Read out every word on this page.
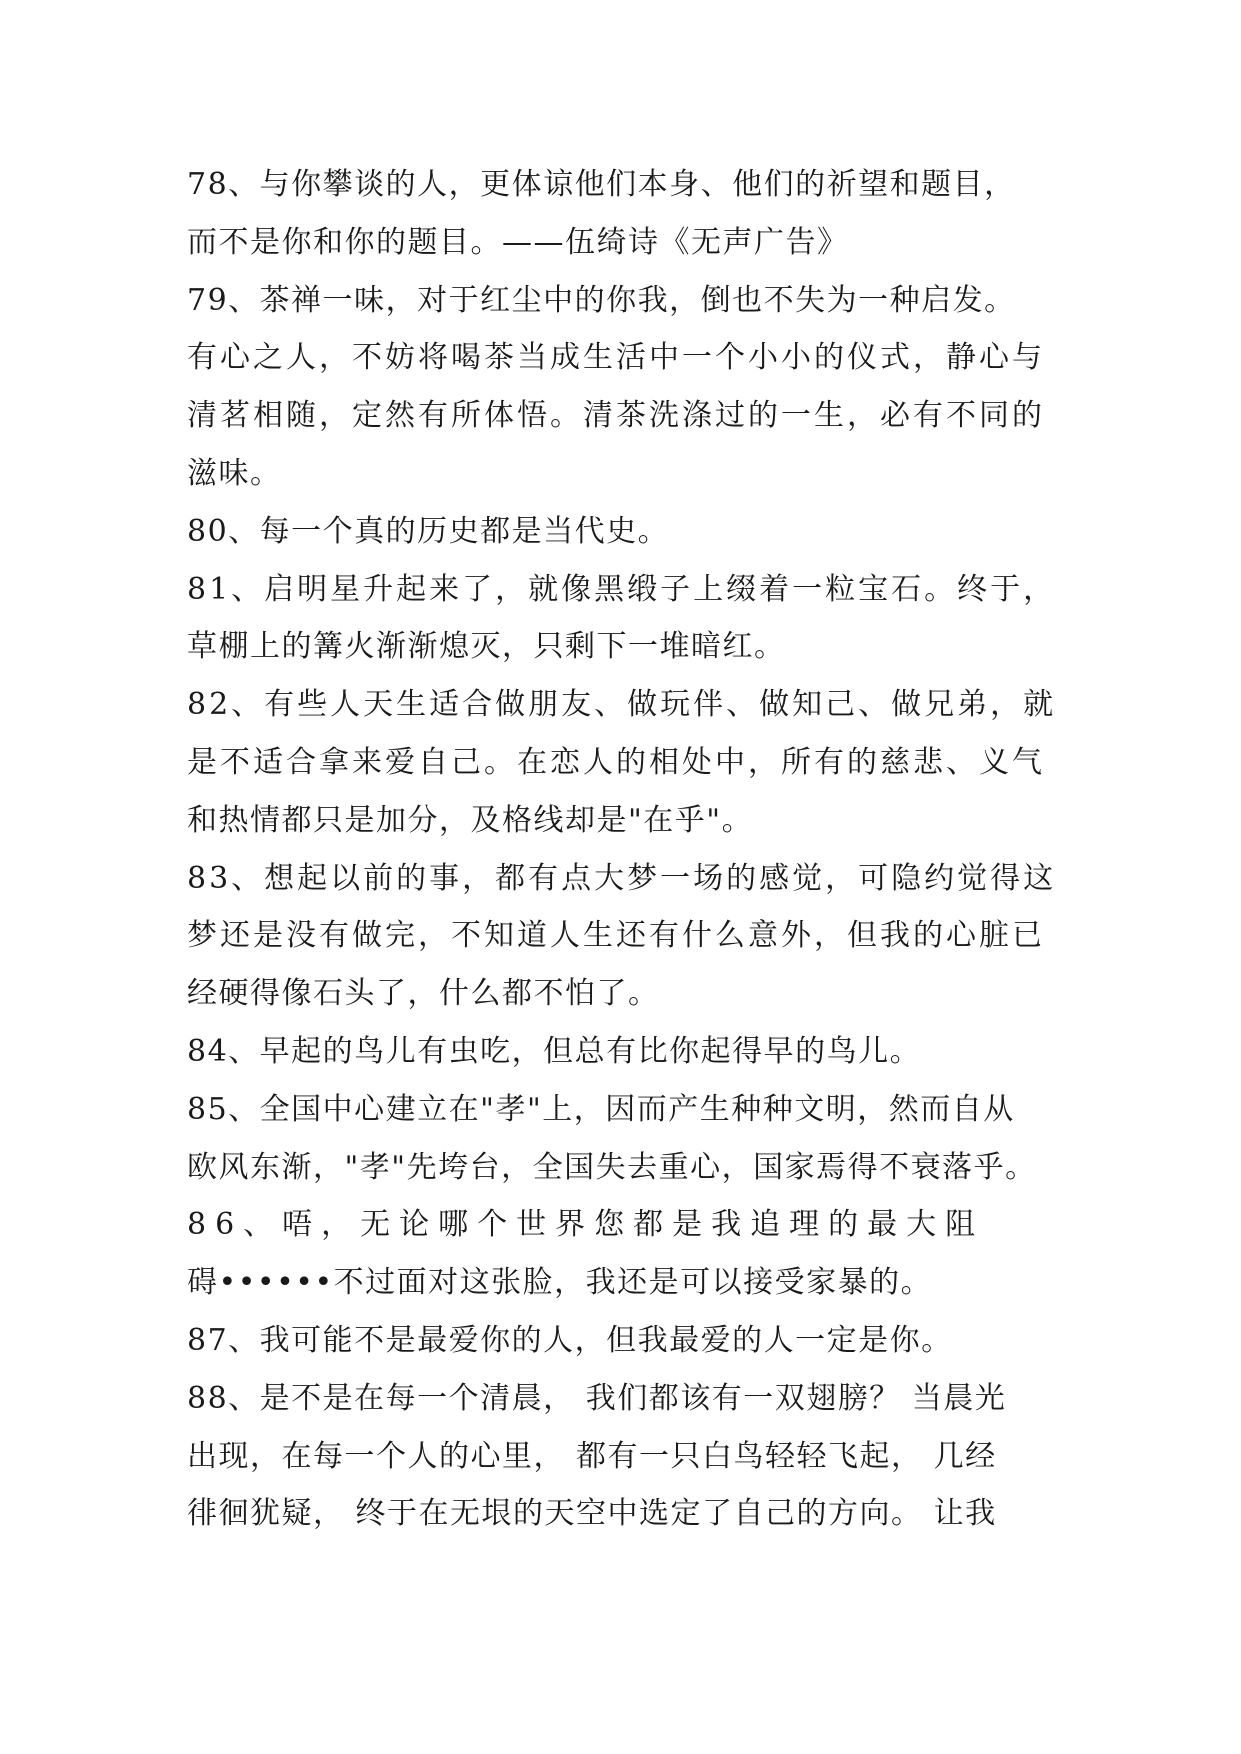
78、与你攀谈的人，更体谅他们本身、他们的祈望和题目，
而不是你和你的题目。——伍绮诗《无声广告》
79、茶禅一味，对于红尘中的你我，倒也不失为一种启发。
有心之人，不妨将喝茶当成生活中一个小小的仪式，静心与
清茗相随，定然有所体悟。清茶洗涤过的一生，必有不同的
滋味。
80、每一个真的历史都是当代史。
81、启明星升起来了，就像黑缎子上缀着一粒宝石。终于，
草棚上的篝火渐渐熄灭，只剩下一堆暗红。
82、有些人天生适合做朋友、做玩伴、做知己、做兄弟，就
是不适合拿来爱自己。在恋人的相处中，所有的慈悲、义气
和热情都只是加分，及格线却是"在乎"。
83、想起以前的事，都有点大梦一场的感觉，可隐约觉得这
梦还是没有做完，不知道人生还有什么意外，但我的心脏已
经硬得像石头了，什么都不怕了。
84、早起的鸟儿有虫吃，但总有比你起得早的鸟儿。
85、全国中心建立在"孝"上，因而产生种种文明，然而自从
欧风东渐，"孝"先垮台，全国失去重心，国家焉得不衰落乎。
86、唔，无论哪个世界您都是我追理的最大阻
碍••••••不过面对这张脸，我还是可以接受家暴的。
87、我可能不是最爱你的人，但我最爱的人一定是你。
88、是不是在每一个清晨， 我们都该有一双翅膀？ 当晨光
出现，在每一个人的心里， 都有一只白鸟轻轻飞起， 几经
徘徊犹疑， 终于在无垠的天空中选定了自己的方向。 让我
